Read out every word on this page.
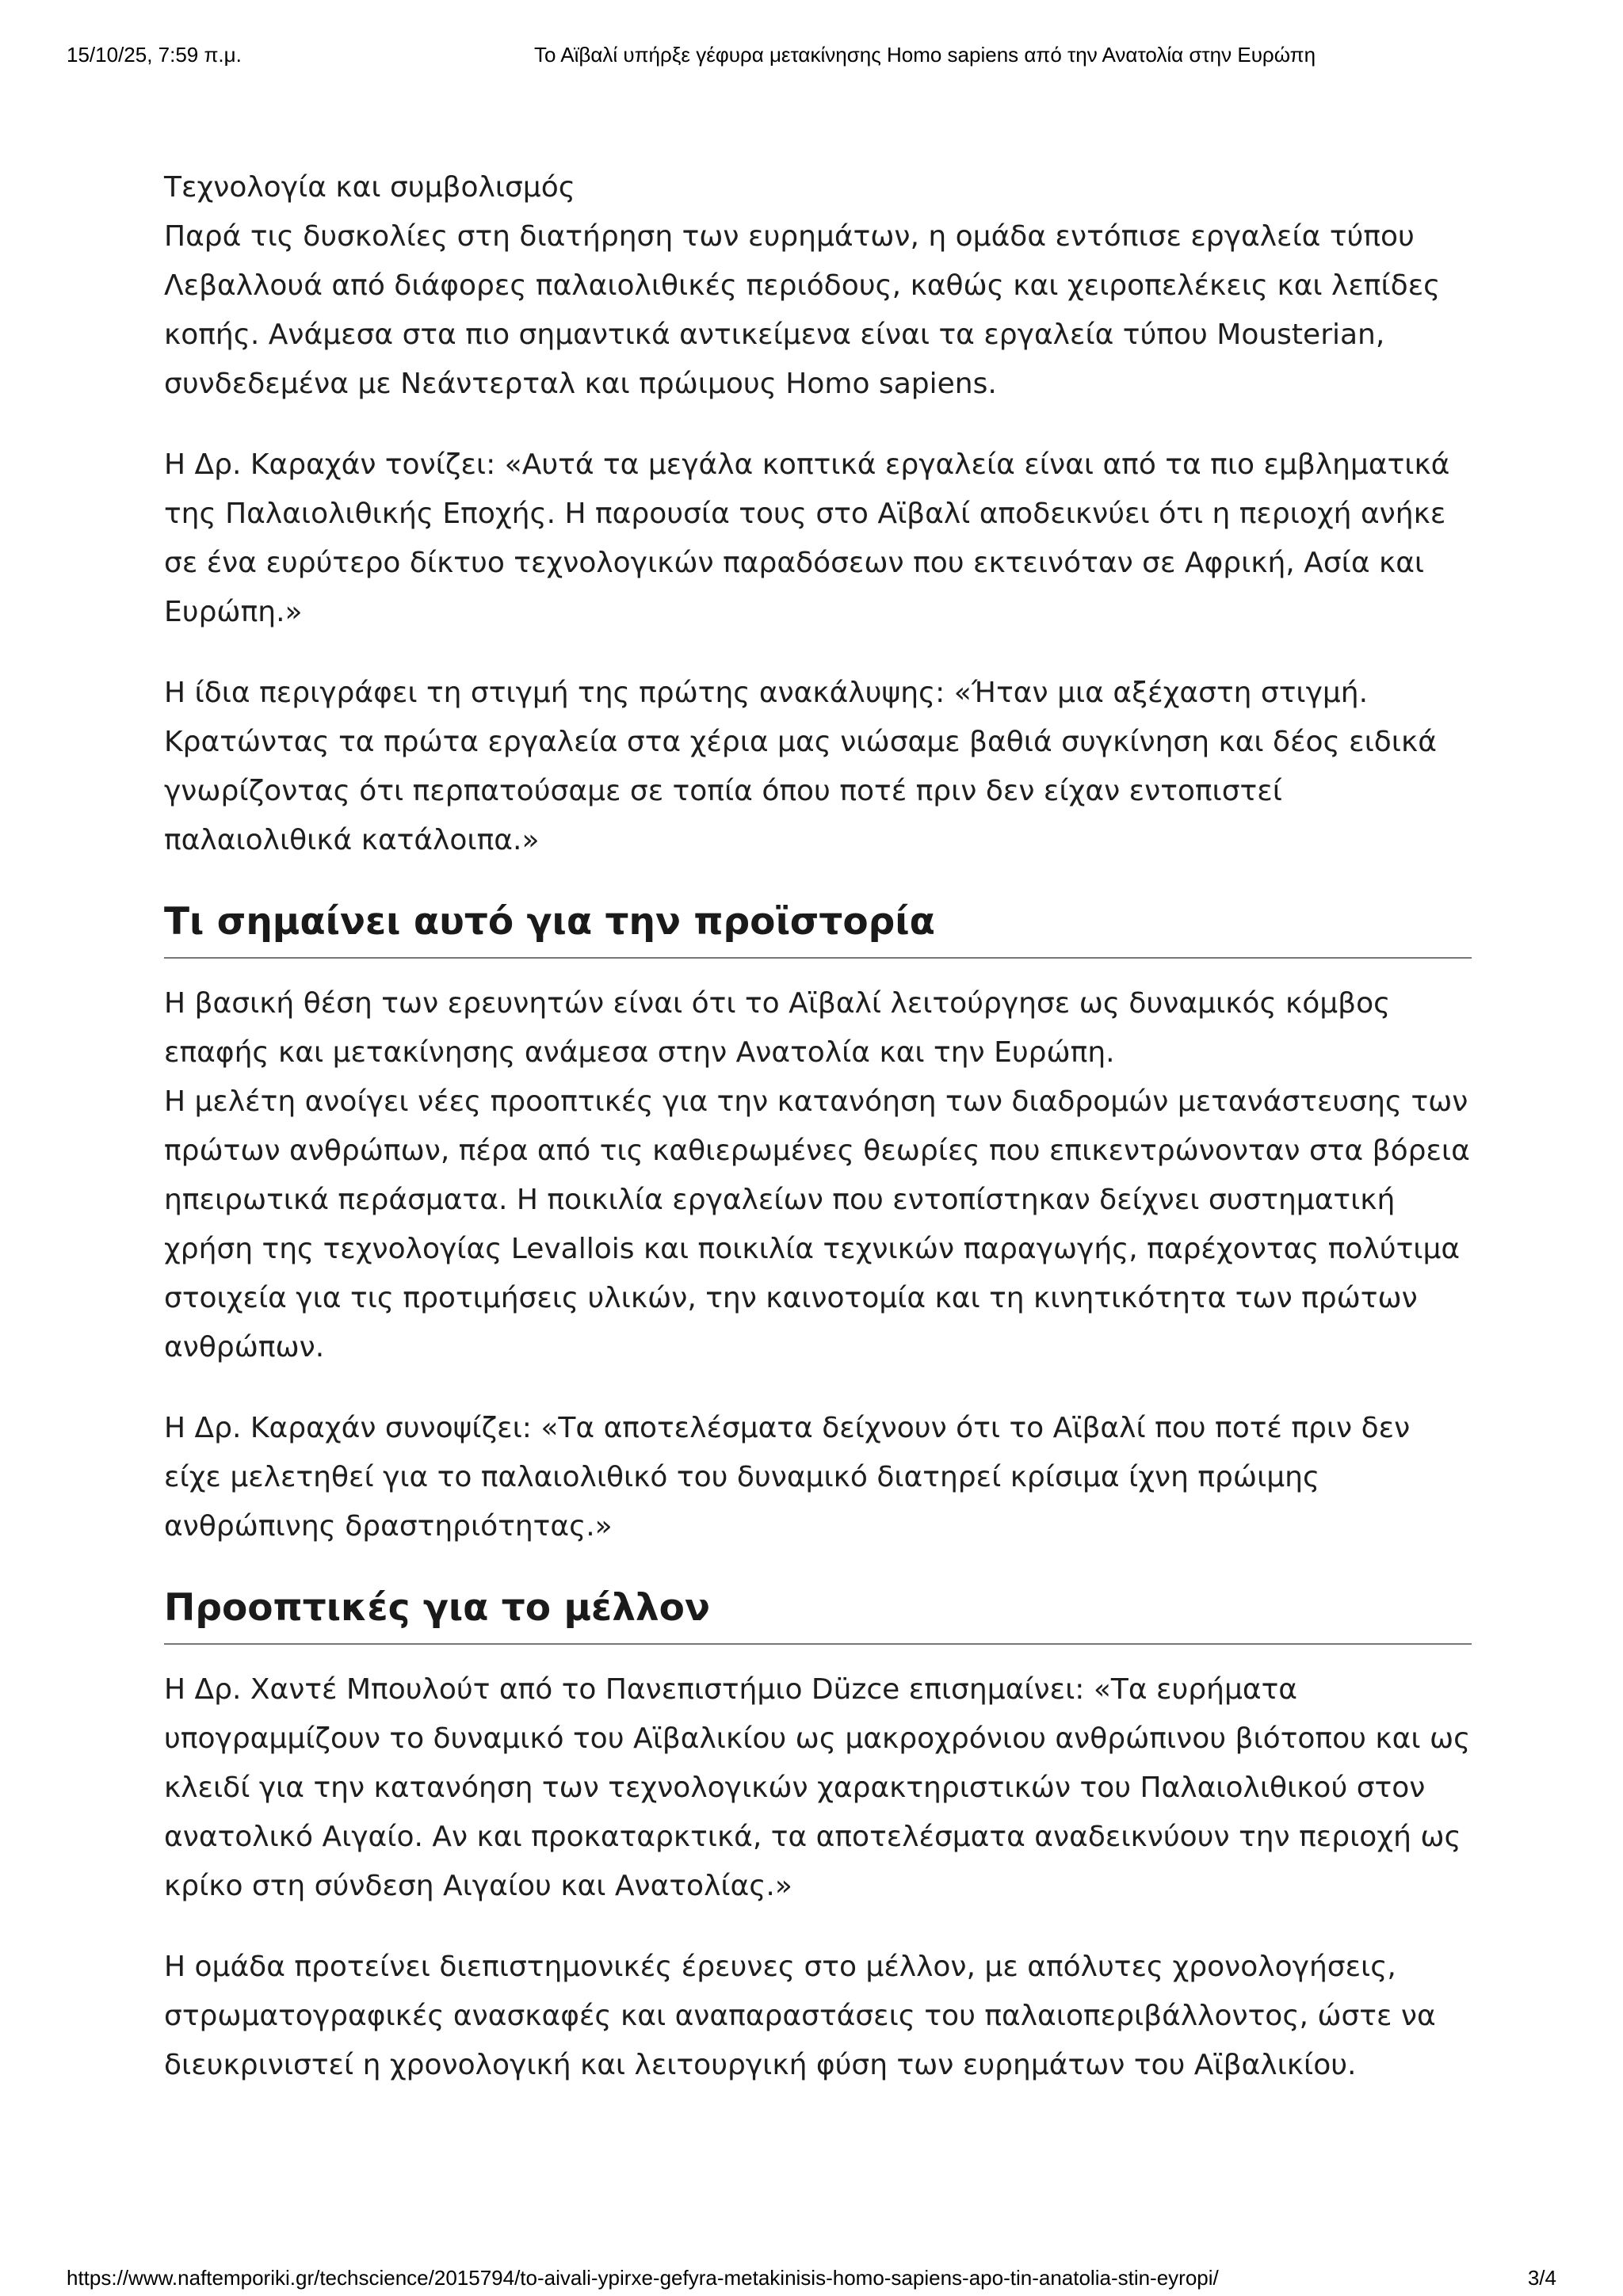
15/10/25, 7:59 π.μ.	Το Αϊβαλί υπήρξε γέφυρα μετακίνησης Homo sapiens από την Ανατολία στην Ευρώπη

Τεχνολογία και συμβολισμός

Παρά τις δυσκολίες στη διατήρηση των ευρημάτων, η ομάδα εντόπισε εργαλεία τύπου Λεβαλλουά από διάφορες παλαιολιθικές περιόδους, καθώς και χειροπελέκεις και λεπίδες κοπής. Ανάμεσα στα πιο σημαντικά αντικείμενα είναι τα εργαλεία τύπου Mousterian, συνδεδεμένα με Νεάντερταλ και πρώιμους Homo sapiens.

Η Δρ. Καραχάν τονίζει: «Αυτά τα μεγάλα κοπτικά εργαλεία είναι από τα πιο εμβληματικά της Παλαιολιθικής Εποχής. Η παρουσία τους στο Αϊβαλί αποδεικνύει ότι η περιοχή ανήκε σε ένα ευρύτερο δίκτυο τεχνολογικών παραδόσεων που εκτεινόταν σε Αφρική, Ασία και Ευρώπη.»

Η ίδια περιγράφει τη στιγμή της πρώτης ανακάλυψης: «Ήταν μια αξέχαστη στιγμή. Κρατώντας τα πρώτα εργαλεία στα χέρια μας νιώσαμε βαθιά συγκίνηση και δέος ειδικά γνωρίζοντας ότι περπατούσαμε σε τοπία όπου ποτέ πριν δεν είχαν εντοπιστεί παλαιολιθικά κατάλοιπα.»

Τι σημαίνει αυτό για την προϊστορία

Η βασική θέση των ερευνητών είναι ότι το Αϊβαλί λειτούργησε ως δυναμικός κόμβος επαφής και μετακίνησης ανάμεσα στην Ανατολία και την Ευρώπη.

Η μελέτη ανοίγει νέες προοπτικές για την κατανόηση των διαδρομών μετανάστευσης των πρώτων ανθρώπων, πέρα από τις καθιερωμένες θεωρίες που επικεντρώνονταν στα βόρεια ηπειρωτικά περάσματα. Η ποικιλία εργαλείων που εντοπίστηκαν δείχνει συστηματική χρήση της τεχνολογίας Levallois και ποικιλία τεχνικών παραγωγής, παρέχοντας πολύτιμα στοιχεία για τις προτιμήσεις υλικών, την καινοτομία και τη κινητικότητα των πρώτων ανθρώπων.

Η Δρ. Καραχάν συνοψίζει: «Τα αποτελέσματα δείχνουν ότι το Αϊβαλί που ποτέ πριν δεν είχε μελετηθεί για το παλαιολιθικό του δυναμικό διατηρεί κρίσιμα ίχνη πρώιμης ανθρώπινης δραστηριότητας.»

Προοπτικές για το μέλλον

Η Δρ. Χαντέ Μπουλούτ από το Πανεπιστήμιο Düzce επισημαίνει: «Τα ευρήματα υπογραμμίζουν το δυναμικό του Αϊβαλικίου ως μακροχρόνιου ανθρώπινου βιότοπου και ως κλειδί για την κατανόηση των τεχνολογικών χαρακτηριστικών του Παλαιολιθικού στον ανατολικό Αιγαίο. Αν και προκαταρκτικά, τα αποτελέσματα αναδεικνύουν την περιοχή ως κρίκο στη σύνδεση Αιγαίου και Ανατολίας.»

Η ομάδα προτείνει διεπιστημονικές έρευνες στο μέλλον, με απόλυτες χρονολογήσεις, στρωματογραφικές ανασκαφές και αναπαραστάσεις του παλαιοπεριβάλλοντος, ώστε να διευκρινιστεί η χρονολογική και λειτουργική φύση των ευρημάτων του Αϊβαλικίου.

https://www.naftemporiki.gr/techscience/2015794/to-aivali-ypirxe-gefyra-metakinisis-homo-sapiens-apo-tin-anatolia-stin-eyropi/	3/4
